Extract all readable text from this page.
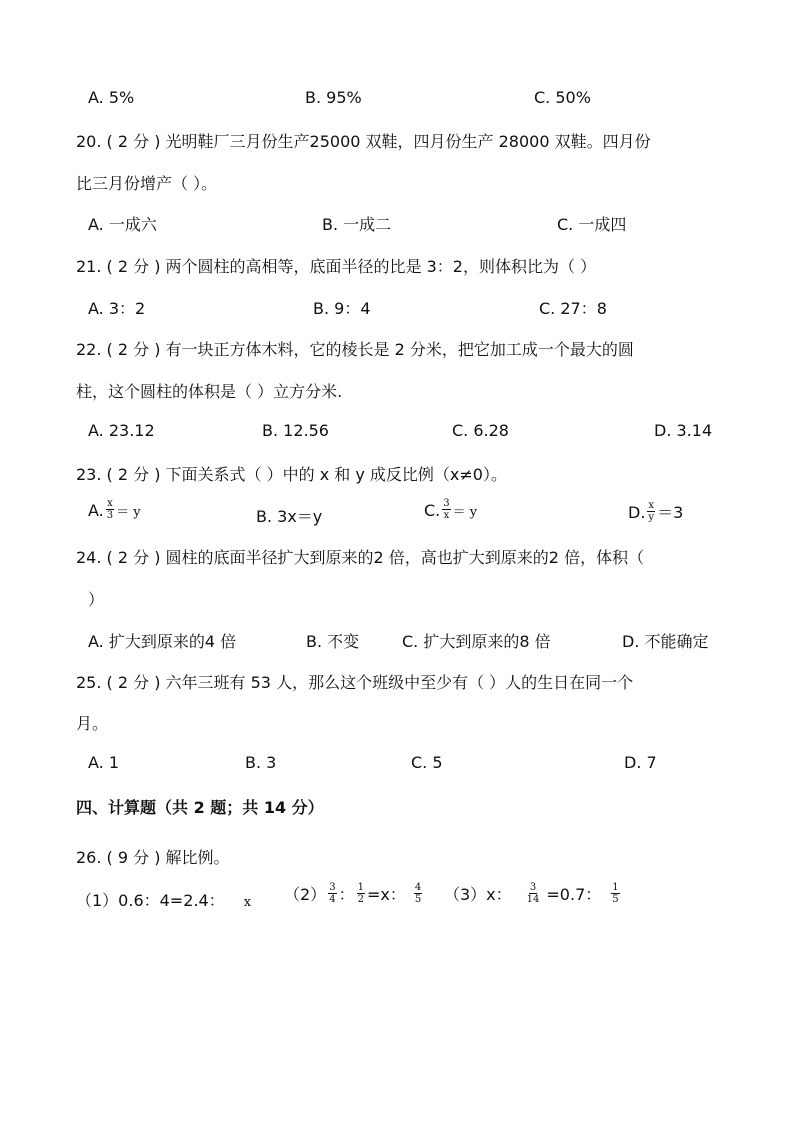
A. 5%	B. 95%	C. 50%
20. ( 2 分 ) 光明鞋厂三月份生产25000 双鞋，四月份生产 28000 双鞋。四月份
比三月份增产（ ）。
A. 一成六	B. 一成二	C. 一成四
21. ( 2 分 ) 两个圆柱的高相等，底面半径的比是 3：2，则体积比为（ ）
A. 3：2	B. 9：4	C. 27：8
22. ( 2 分 ) 有一块正方体木料，它的棱长是 2 分米，把它加工成一个最大的圆
柱，这个圆柱的体积是（ ）立方分米.
A. 23.12	B. 12.56	C. 6.28	D. 3.14
23. ( 2 分 ) 下面关系式（ ）中的 x 和 y 成反比例（x≠0）。
A. $\frac{x}{3} = y$	B. 3x＝y	C. $\frac{3}{x} = y$	D. $\frac{x}{y} =3$
24. ( 2 分 ) 圆柱的底面半径扩大到原来的2 倍，高也扩大到原来的2 倍，体积（
）
A. 扩大到原来的4 倍	B. 不变	C. 扩大到原来的8 倍	D. 不能确定
25. ( 2 分 ) 六年三班有 53 人，那么这个班级中至少有（ ）人的生日在同一个
月。
A. 1	B. 3	C. 5	D. 7
四、计算题（共 2 题；共 14 分）
26. ( 9 分 ) 解比例。
（1）0.6：4=2.4： x $(2) \frac{3}{4}$ ： $\frac{1}{2} =x$： $\frac{4}{5} (3)x$： $\frac{3}{14} =0.7$： $\frac{1}{5}$
